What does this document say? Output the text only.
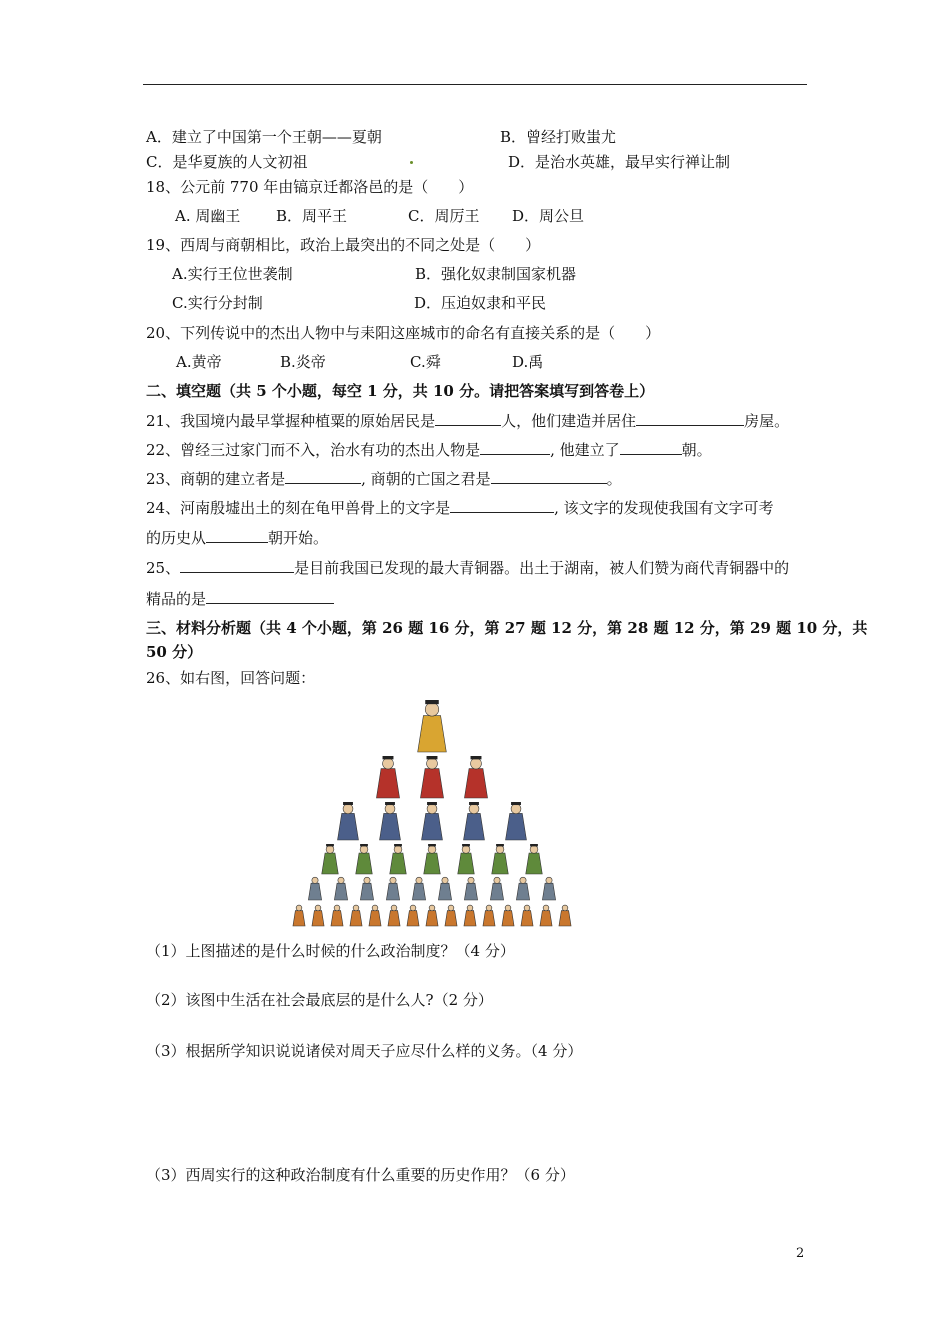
A．建立了中国第一个王朝——夏朝	B．曾经打败蚩尤
C．是华夏族的人文初祖	D．是治水英雄，最早实行禅让制
18、公元前 770 年由镐京迁都洛邑的是（　　）
A. 周幽王 B．周平王	C．周厉王 D．周公旦
19、西周与商朝相比，政治上最突出的不同之处是（　　）
A.实行王位世袭制	B．强化奴隶制国家机器
C.实行分封制	D．压迫奴隶和平民
20、下列传说中的杰出人物中与耒阳这座城市的命名有直接关系的是（　　）
A.黄帝	B.炎帝	C.舜	D.禹
二、填空题（共 5 个小题，每空 1 分，共 10 分。请把答案填写到答卷上）
21、我国境内最早掌握种植粟的原始居民是	人，他们建造并居住	房屋。
22、曾经三过家门而不入，治水有功的杰出人物是	, 他建立了	朝。
23、商朝的建立者是	, 商朝的亡国之君是	。
24、河南殷墟出土的刻在龟甲兽骨上的文字是	, 该文字的发现使我国有文字可考
的历史从	朝开始。
25、	是目前我国已发现的最大青铜器。出土于湖南，被人们赞为商代青铜器中的
精品的是
三、材料分析题（共 4 个小题，第 26 题 16 分，第 27 题 12 分，第 28 题 12 分，第 29 题 10 分，共
50 分）
26、如右图，回答问题：
（1）上图描述的是什么时候的什么政治制度？（4 分）
（2）该图中生活在社会最底层的是什么人?（2 分）
（3）根据所学知识说说诸侯对周天子应尽什么样的义务。（4 分）
（3）西周实行的这种政治制度有什么重要的历史作用？（6 分）
2
